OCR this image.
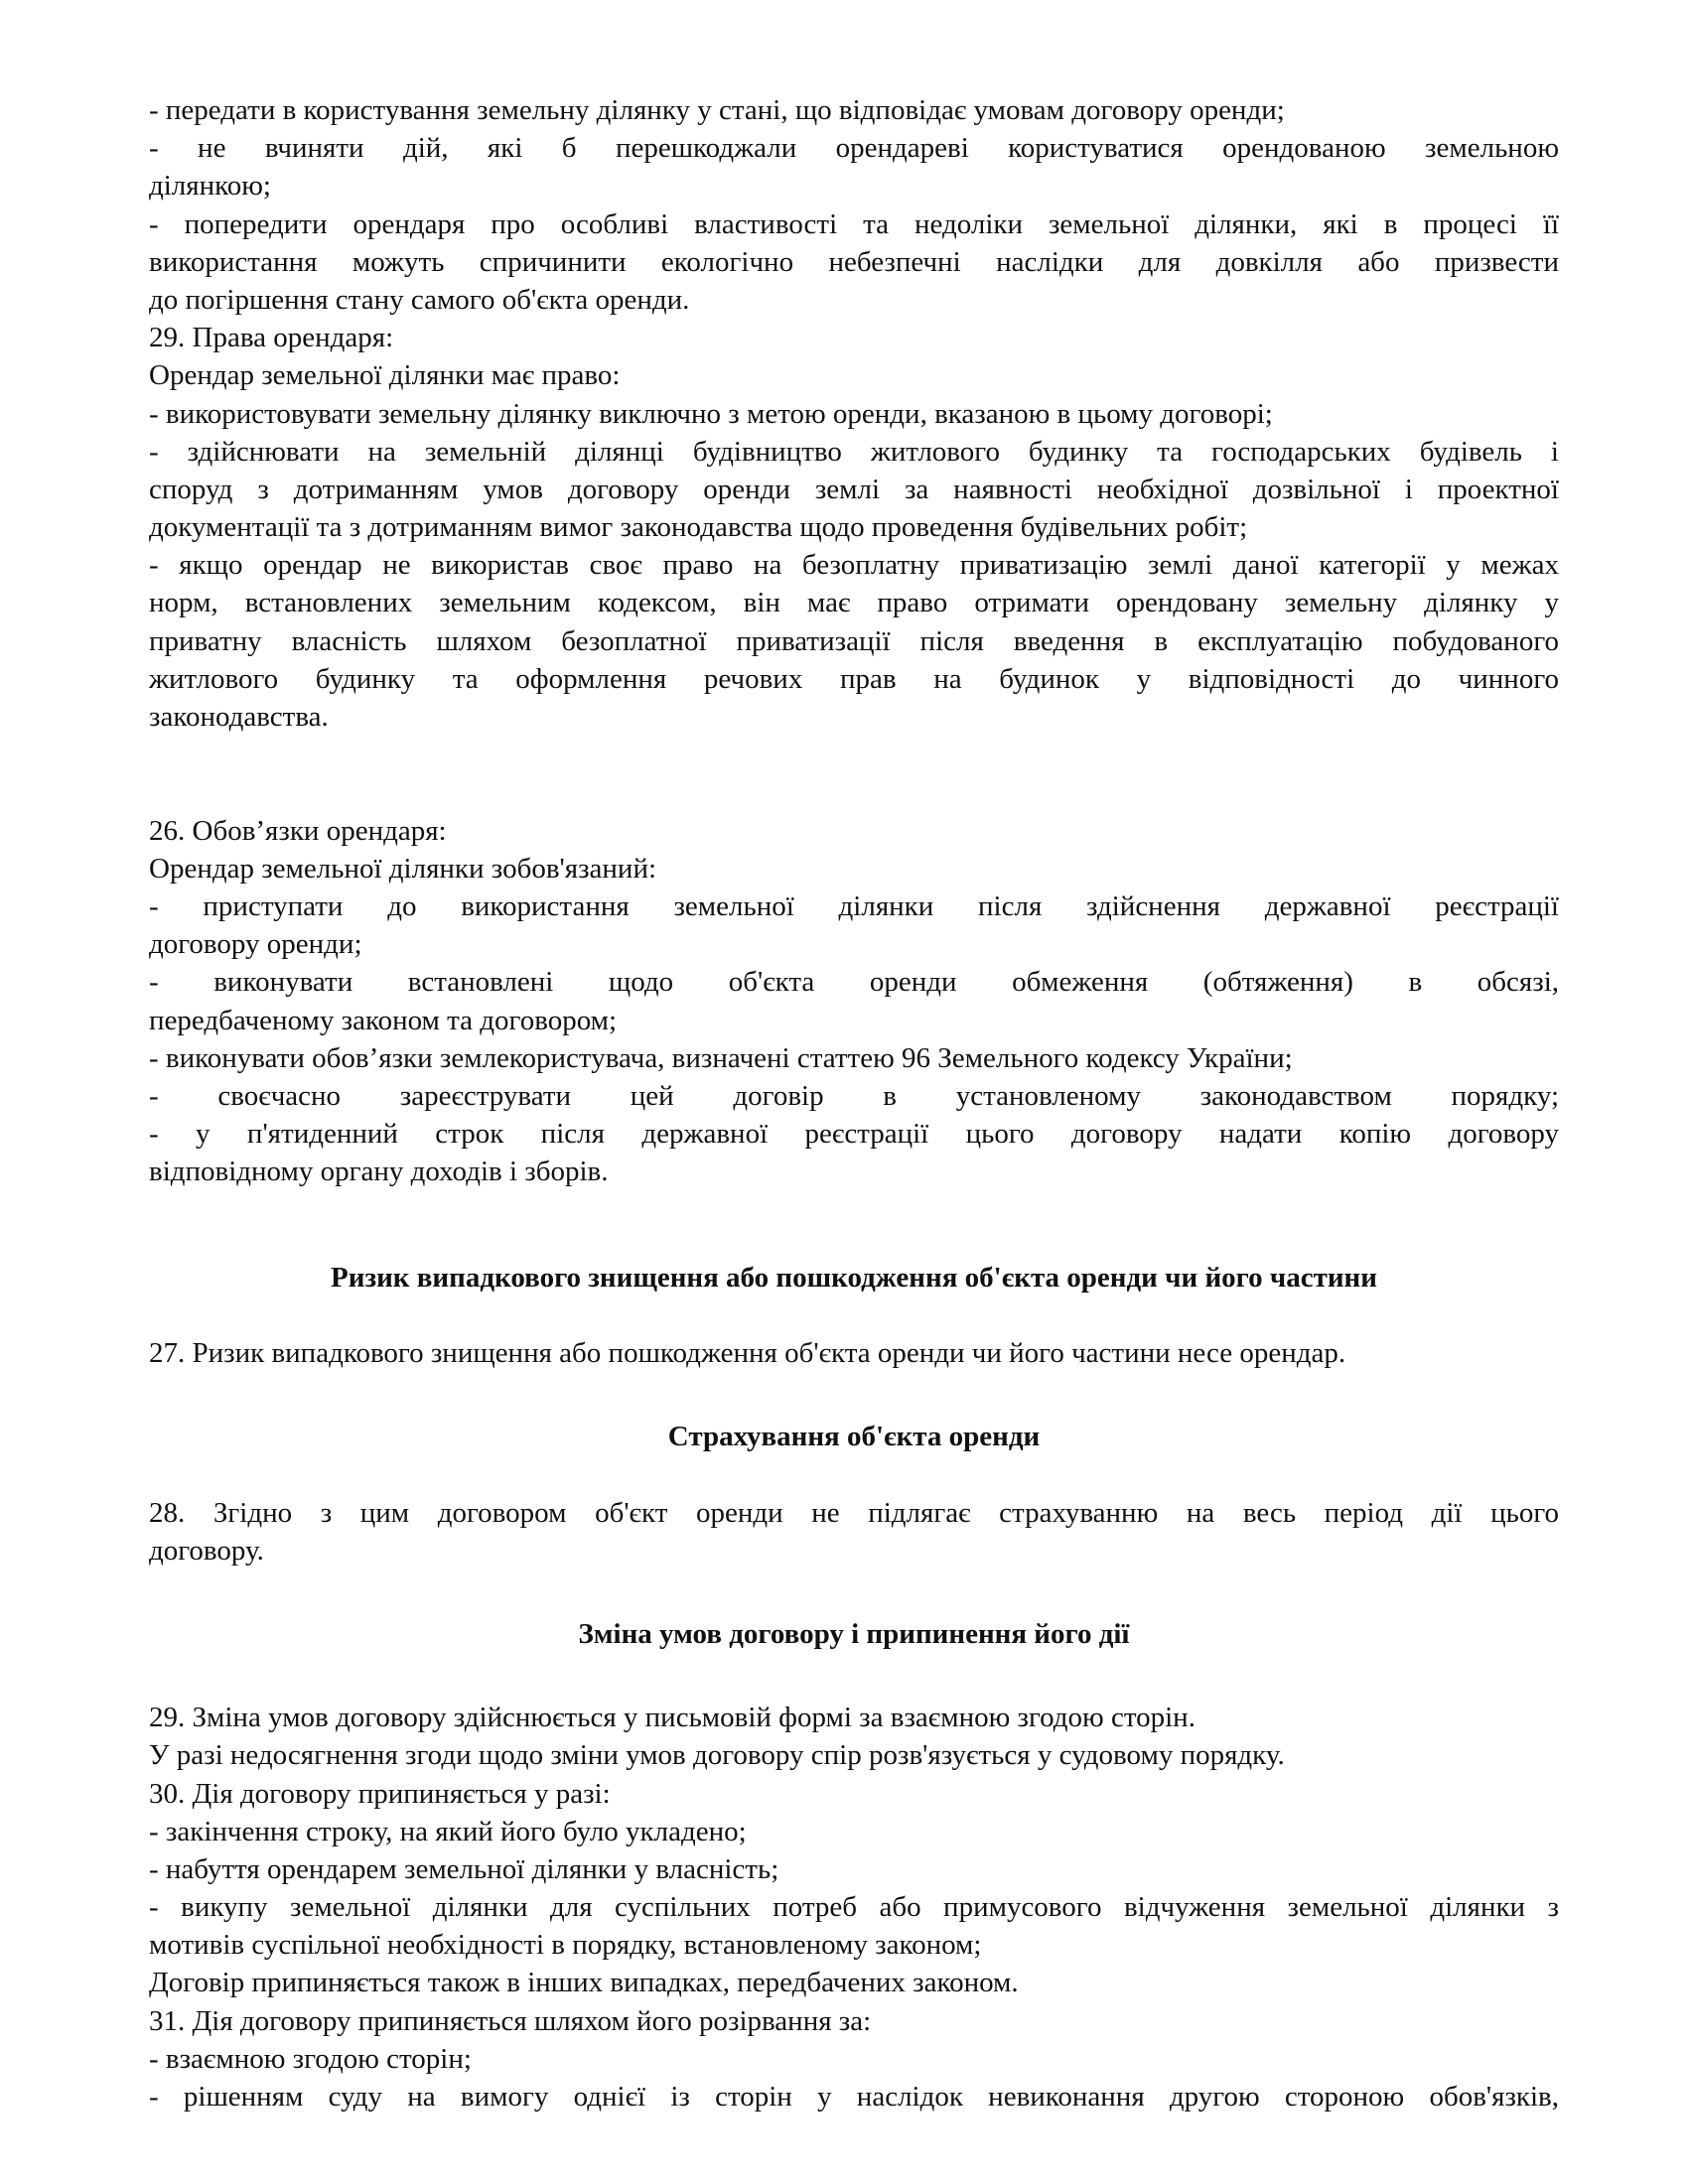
- передати в користування земельну ділянку у стані, що відповідає умовам договору оренди;
- не вчиняти дій, які б перешкоджали орендареві користуватися орендованою земельною
ділянкою;
- попередити орендаря про особливі властивості та недоліки земельної ділянки, які в процесі її
використання можуть спричинити екологічно небезпечні наслідки для довкілля або призвести
до погіршення стану самого об'єкта оренди.
29. Права орендаря:
Орендар земельної ділянки має право:
- використовувати земельну ділянку виключно з метою оренди, вказаною в цьому договорі;
- здійснювати на земельній ділянці будівництво житлового будинку та господарських будівель і
споруд з дотриманням умов договору оренди землі за наявності необхідної дозвільної і проектної
документації та з дотриманням вимог законодавства щодо проведення будівельних робіт;
- якщо орендар не використав своє право на безоплатну приватизацію землі даної категорії у межах
норм, встановлених земельним кодексом, він має право отримати орендовану земельну ділянку у
приватну власність шляхом безоплатної приватизації після введення в експлуатацію побудованого
житлового будинку та оформлення речових прав на будинок у відповідності до чинного
законодавства.
26. Обов’язки орендаря:
Орендар земельної ділянки зобов'язаний:
- приступати до використання земельної ділянки після здійснення державної реєстрації
договору оренди;
- виконувати встановлені щодо об'єкта оренди обмеження (обтяження) в обсязі,
передбаченому законом та договором;
- виконувати обов’язки землекористувача, визначені статтею 96 Земельного кодексу України;
- своєчасно зареєструвати цей договір в установленому законодавством порядку;
- у п'ятиденний строк після державної реєстрації цього договору надати копію договору
відповідному органу доходів і зборів.
Ризик випадкового знищення або пошкодження об'єкта оренди чи його частини
27. Ризик випадкового знищення або пошкодження об'єкта оренди чи його частини несе орендар.
Страхування об'єкта оренди
28. Згідно з цим договором об'єкт оренди не підлягає страхуванню на весь період дії цього
договору.
Зміна умов договору і припинення його дії
29. Зміна умов договору здійснюється у письмовій формі за взаємною згодою сторін.
У разі недосягнення згоди щодо зміни умов договору спір розв'язується у судовому порядку.
30. Дія договору припиняється у разі:
- закінчення строку, на який його було укладено;
- набуття орендарем земельної ділянки у власність;
- викупу земельної ділянки для суспільних потреб або примусового відчуження земельної ділянки з
мотивів суспільної необхідності в порядку, встановленому законом;
Договір припиняється також в інших випадках, передбачених законом.
31. Дія договору припиняється шляхом його розірвання за:
- взаємною згодою сторін;
- рішенням суду на вимогу однієї із сторін у наслідок невиконання другою стороною обов'язків,
